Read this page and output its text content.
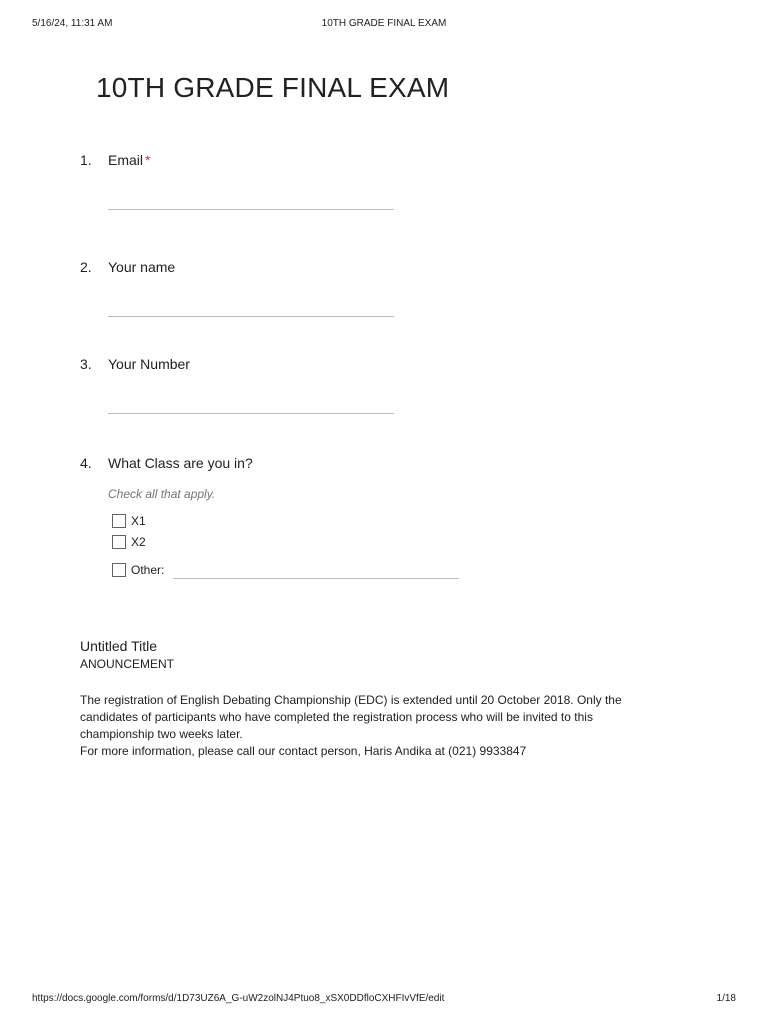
5/16/24, 11:31 AM	10TH GRADE FINAL EXAM
10TH GRADE FINAL EXAM
1. Email *
2. Your name
3. Your Number
4. What Class are you in?
Check all that apply.
X1
X2
Other:
Untitled Title
ANOUNCEMENT

The registration of English Debating Championship (EDC) is extended until 20 October 2018. Only the candidates of participants who have completed the registration process who will be invited to this championship two weeks later.

For more information, please call our contact person, Haris Andika at (021) 9933847

https://docs.google.com/forms/d/1D73UZ6A_G-uW2zolNJ4Ptuo8_xSX0DDfloCXHFIvVfE/edit	1/18
